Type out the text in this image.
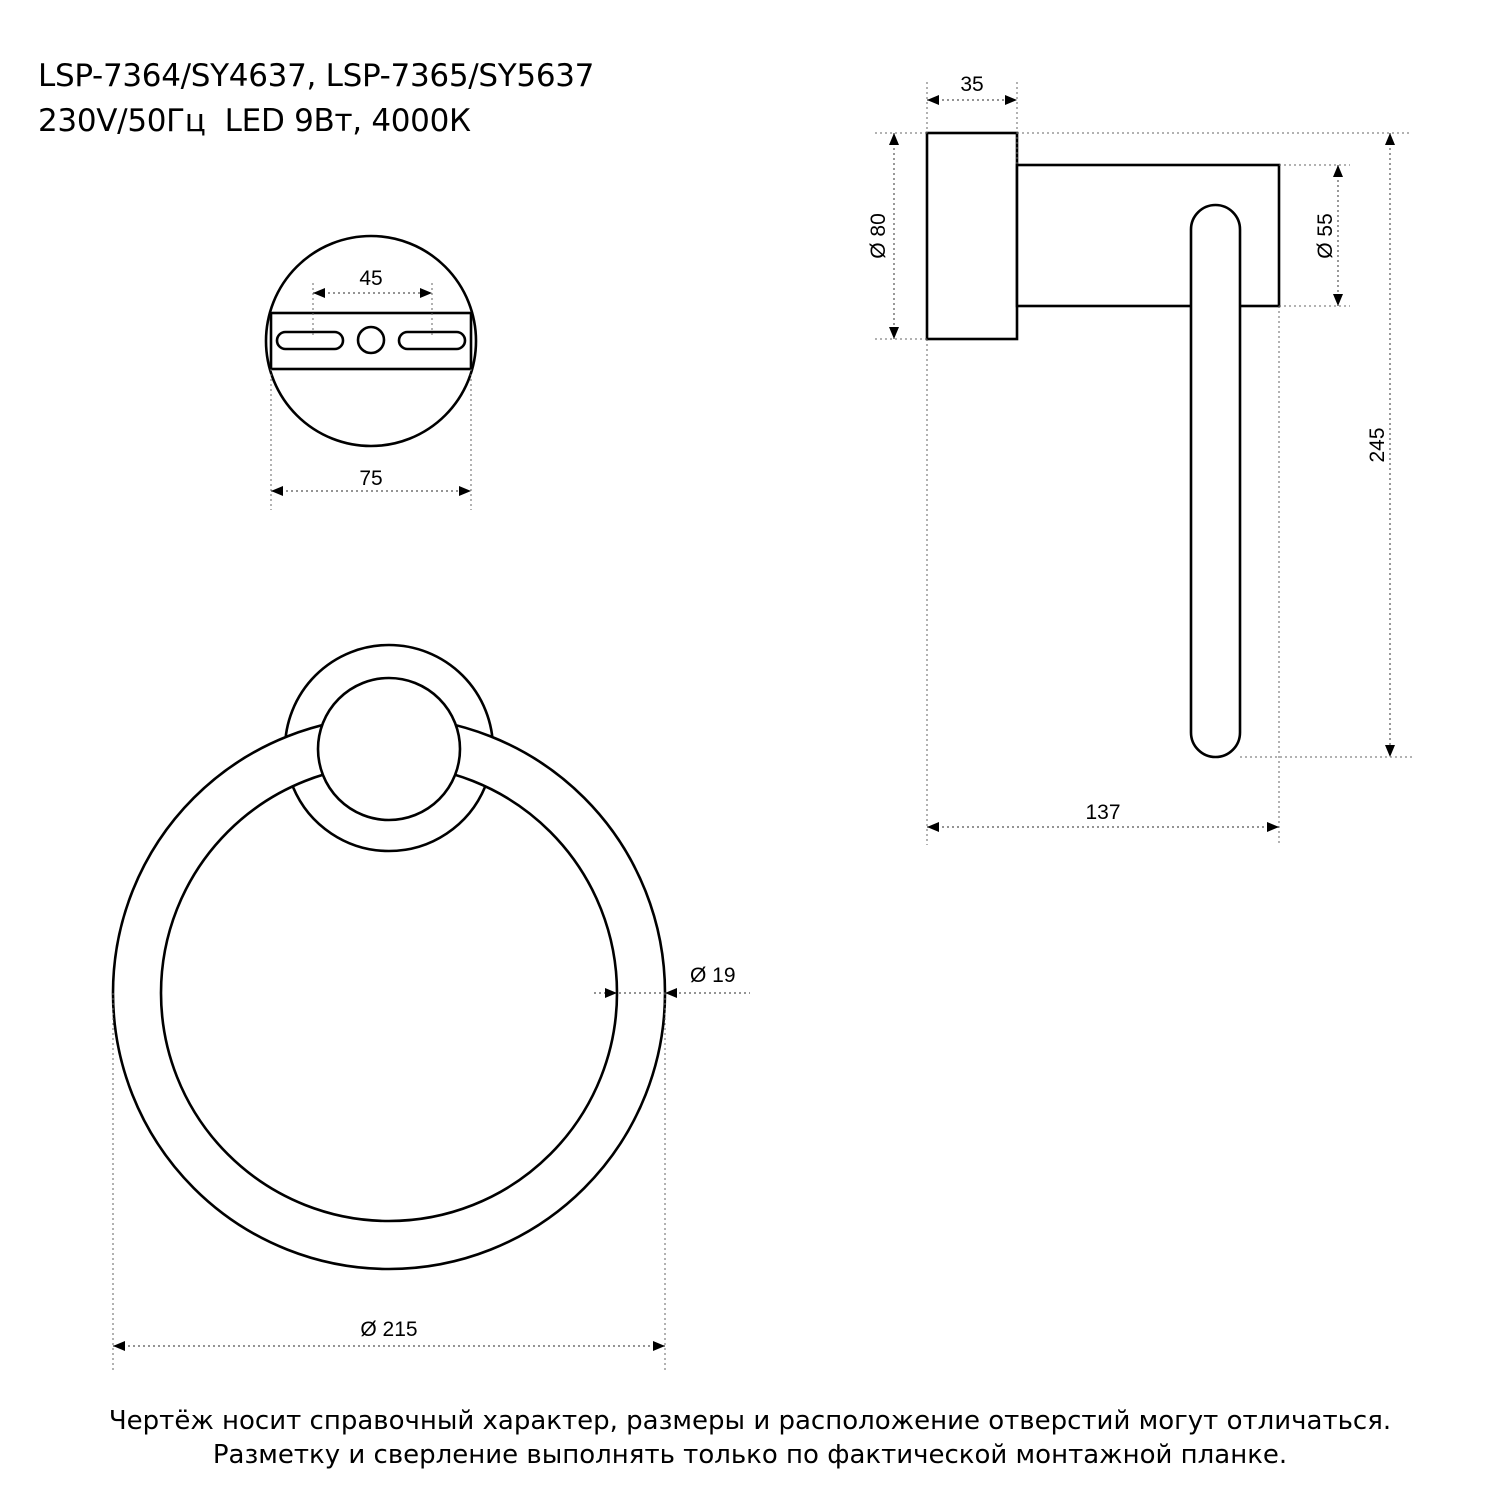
LSP-7364/SY4637, LSP-7365/SY5637
230V/50Гц  LED 9Вт, 4000К
45
75
35
Ø 80	Ø 55
245
137
Ø 19
Ø 215
Чертёж носит справочный характер, размеры и расположение отверстий могут отличаться.
Разметку и сверление выполнять только по фактической монтажной планке.
